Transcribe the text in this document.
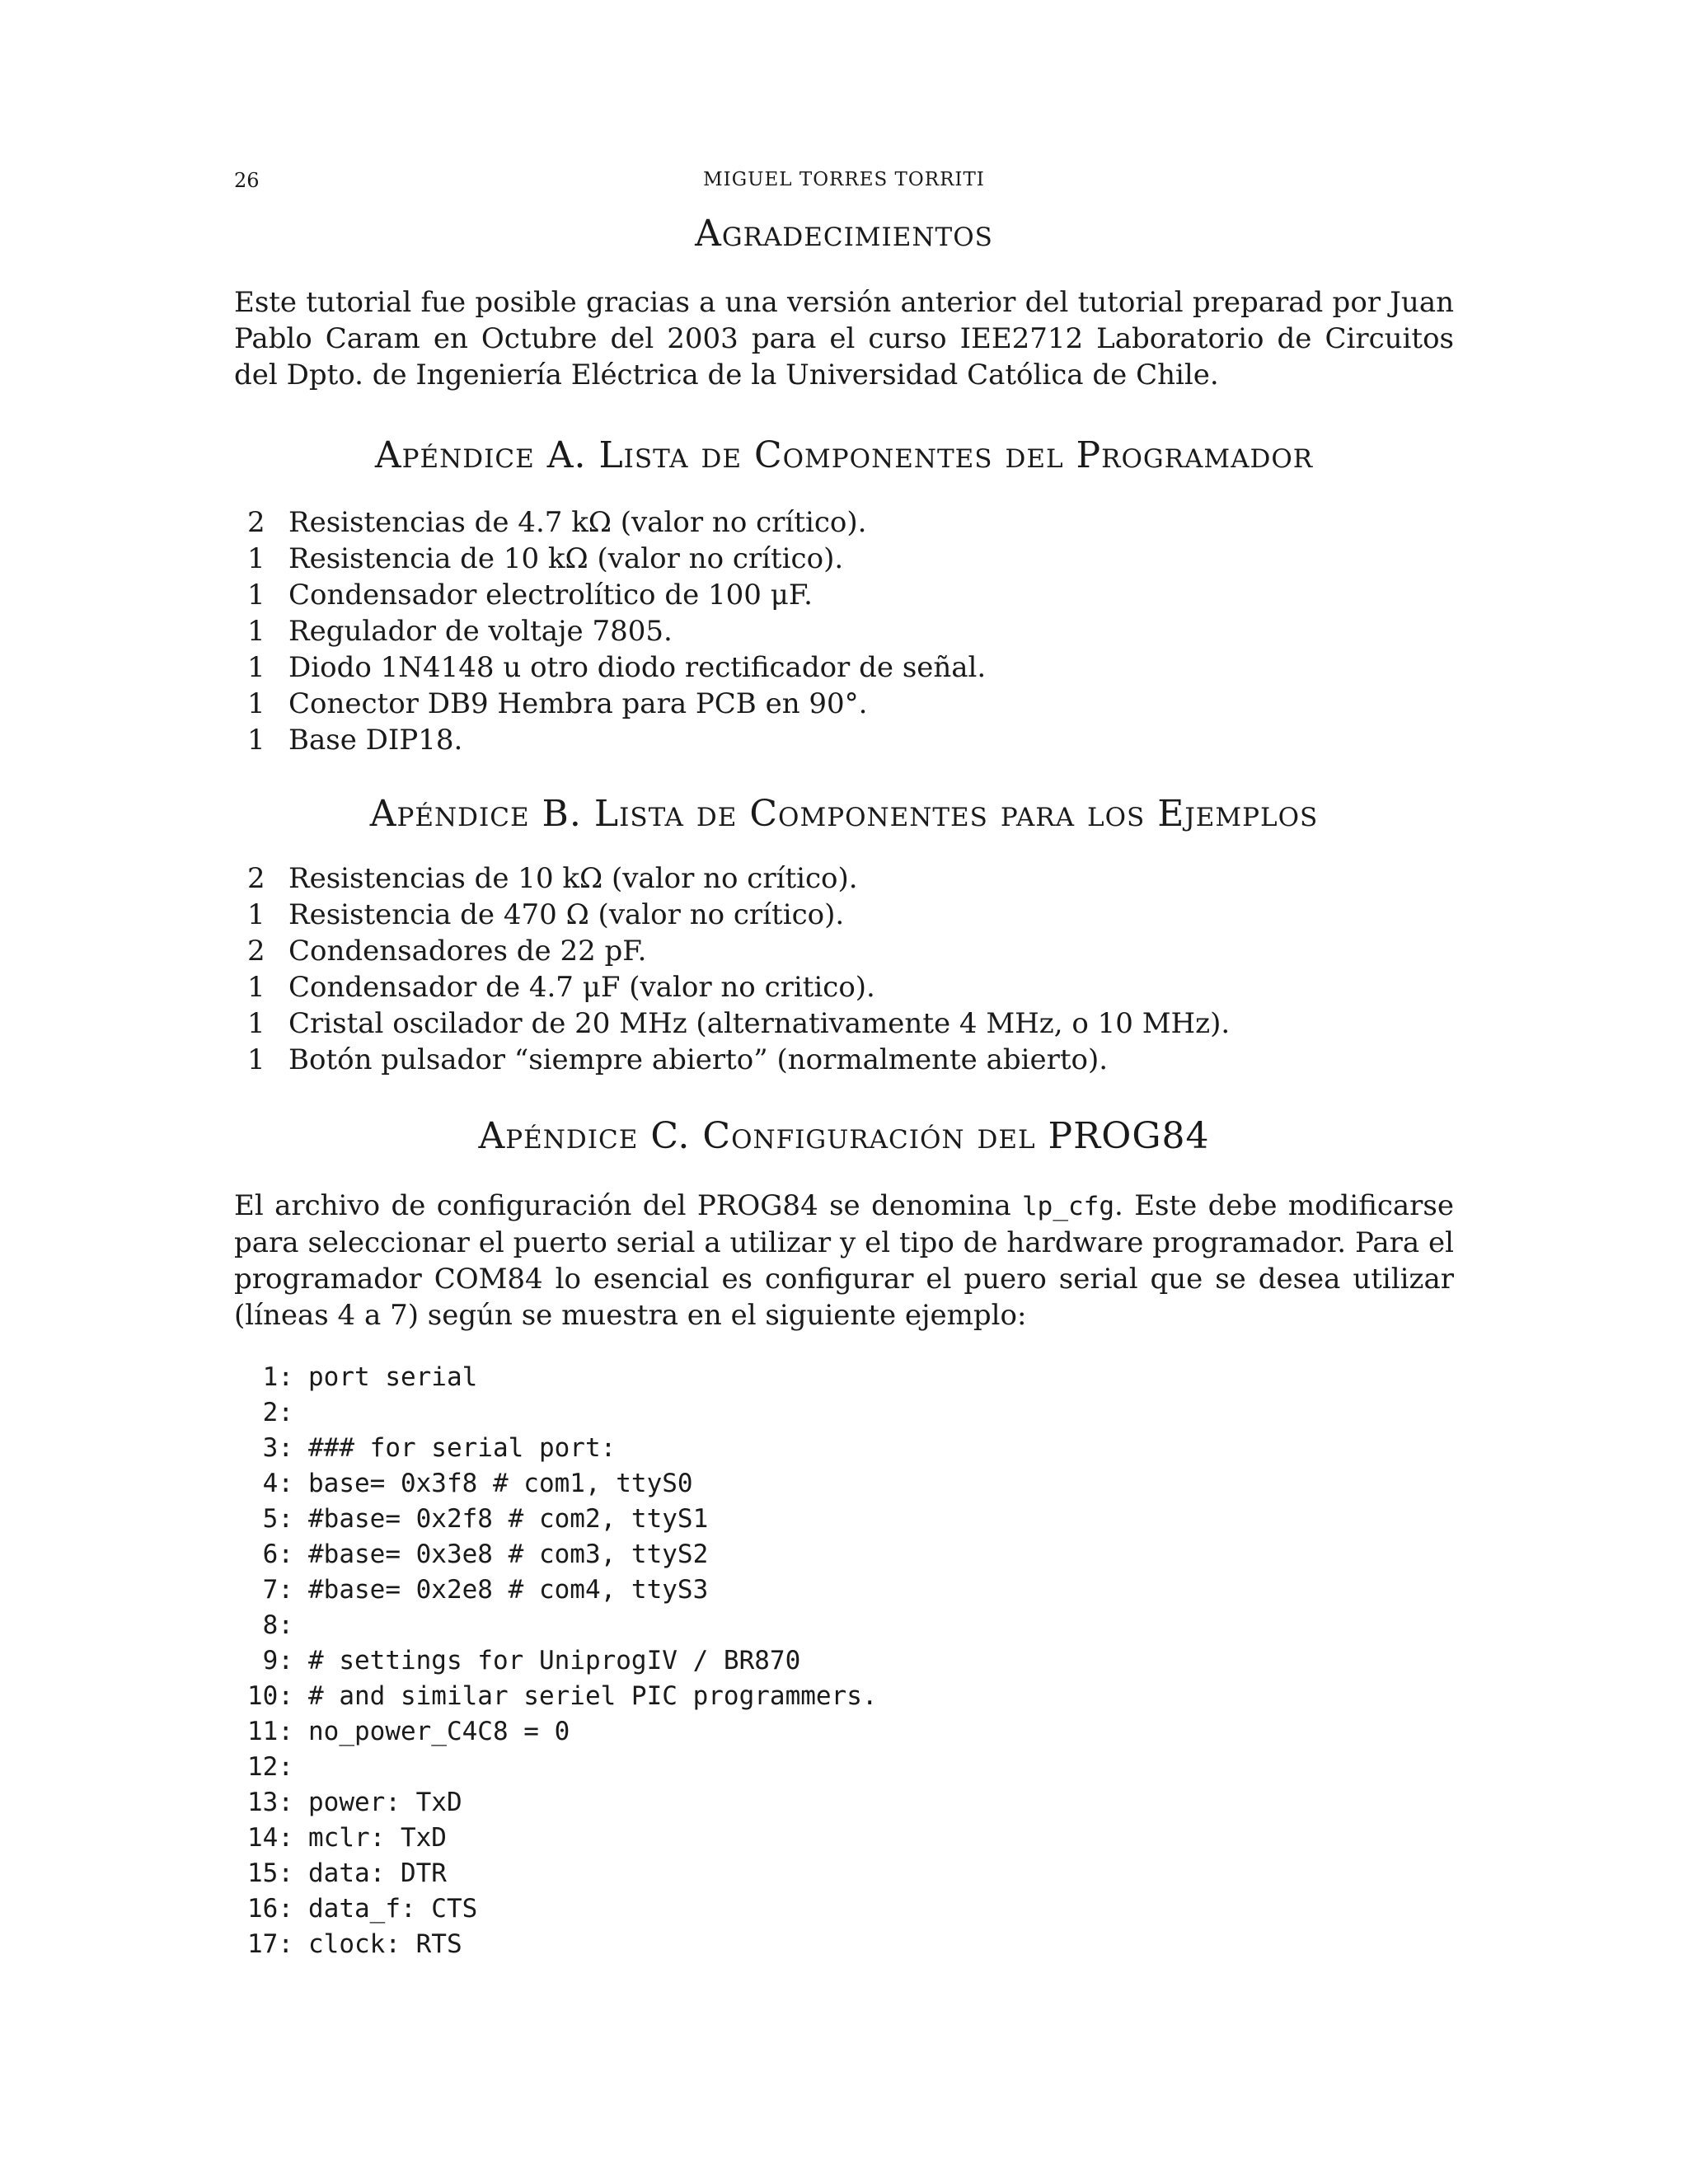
26	MIGUEL TORRES TORRITI
Agradecimientos

Este tutorial fue posible gracias a una versión anterior del tutorial preparad por Juan Pablo Caram en Octubre del 2003 para el curso IEE2712 Laboratorio de Circuitos del Dpto. de Ingeniería Eléctrica de la Universidad Católica de Chile.

Apéndice A. Lista de Componentes del Programador
2 Resistencias de 4.7 kΩ (valor no crítico).
1 Resistencia de 10 kΩ (valor no crítico).
1 Condensador electrolítico de 100 μF.
1 Regulador de voltaje 7805.
1 Diodo 1N4148 u otro diodo rectificador de señal.
1 Conector DB9 Hembra para PCB en 90°.
1 Base DIP18.
Apéndice B. Lista de Componentes para los Ejemplos
2 Resistencias de 10 kΩ (valor no crítico).
1 Resistencia de 470 Ω (valor no crítico).
2 Condensadores de 22 pF.
1 Condensador de 4.7 μF (valor no critico).
1 Cristal oscilador de 20 MHz (alternativamente 4 MHz, o 10 MHz).
1 Botón pulsador “siempre abierto” (normalmente abierto).
Apéndice C. Configuración del PROG84

El archivo de configuración del PROG84 se denomina lp_cfg. Este debe modificarse para seleccionar el puerto serial a utilizar y el tipo de hardware programador. Para el programador COM84 lo esencial es configurar el puero serial que se desea utilizar (líneas 4 a 7) según se muestra en el siguiente ejemplo:

1: port serial
2:
3: ### for serial port:
4: base= 0x3f8 # com1, ttyS0
5: #base= 0x2f8 # com2, ttyS1
6: #base= 0x3e8 # com3, ttyS2
7: #base= 0x2e8 # com4, ttyS3
8:
9: # settings for UniprogIV / BR870
10: # and similar seriel PIC programmers.
11: no_power_C4C8 = 0
12:
13: power: TxD
14: mclr: TxD
15: data: DTR
16: data_f: CTS
17: clock: RTS
